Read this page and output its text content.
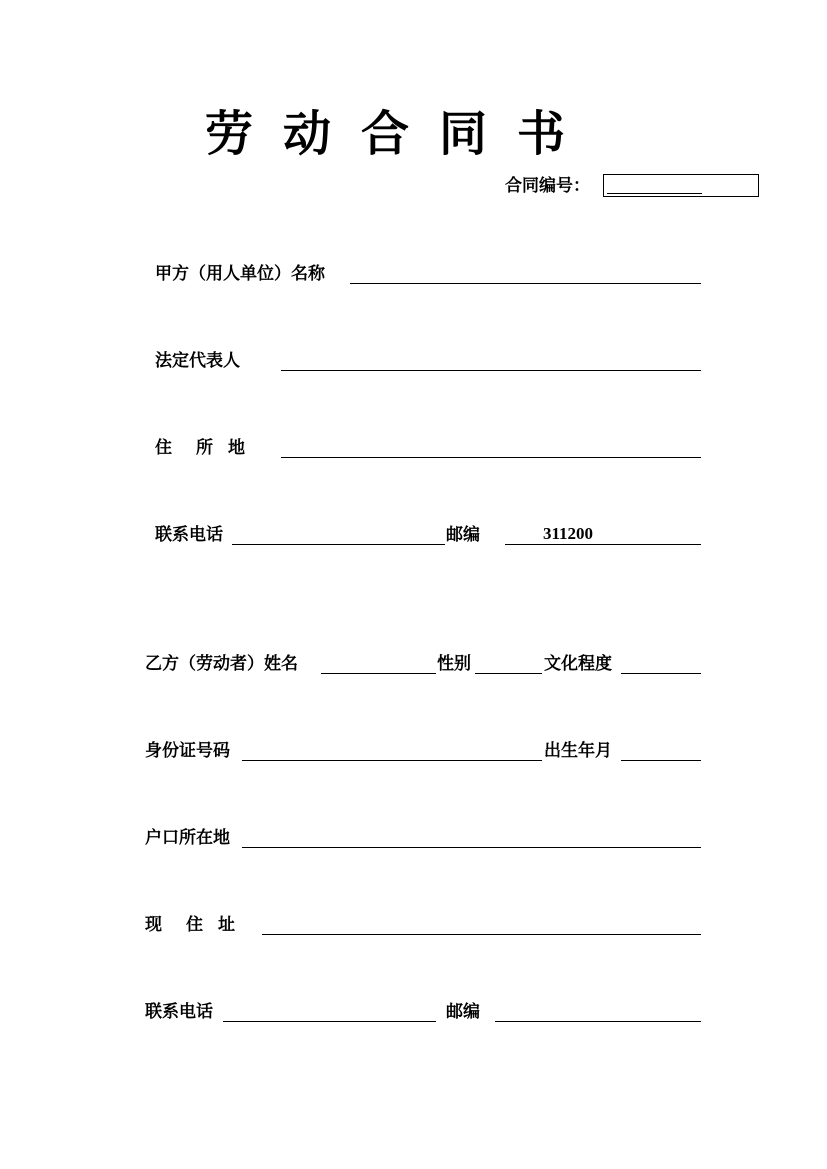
劳动合同书
合同编号：
甲方（用人单位）名称
法定代表人
住 所 地
联系电话	邮编	311200
乙方（劳动者）姓名	性别	文化程度
身份证号码	出生年月
户口所在地
现 住 址
联系电话	邮编
